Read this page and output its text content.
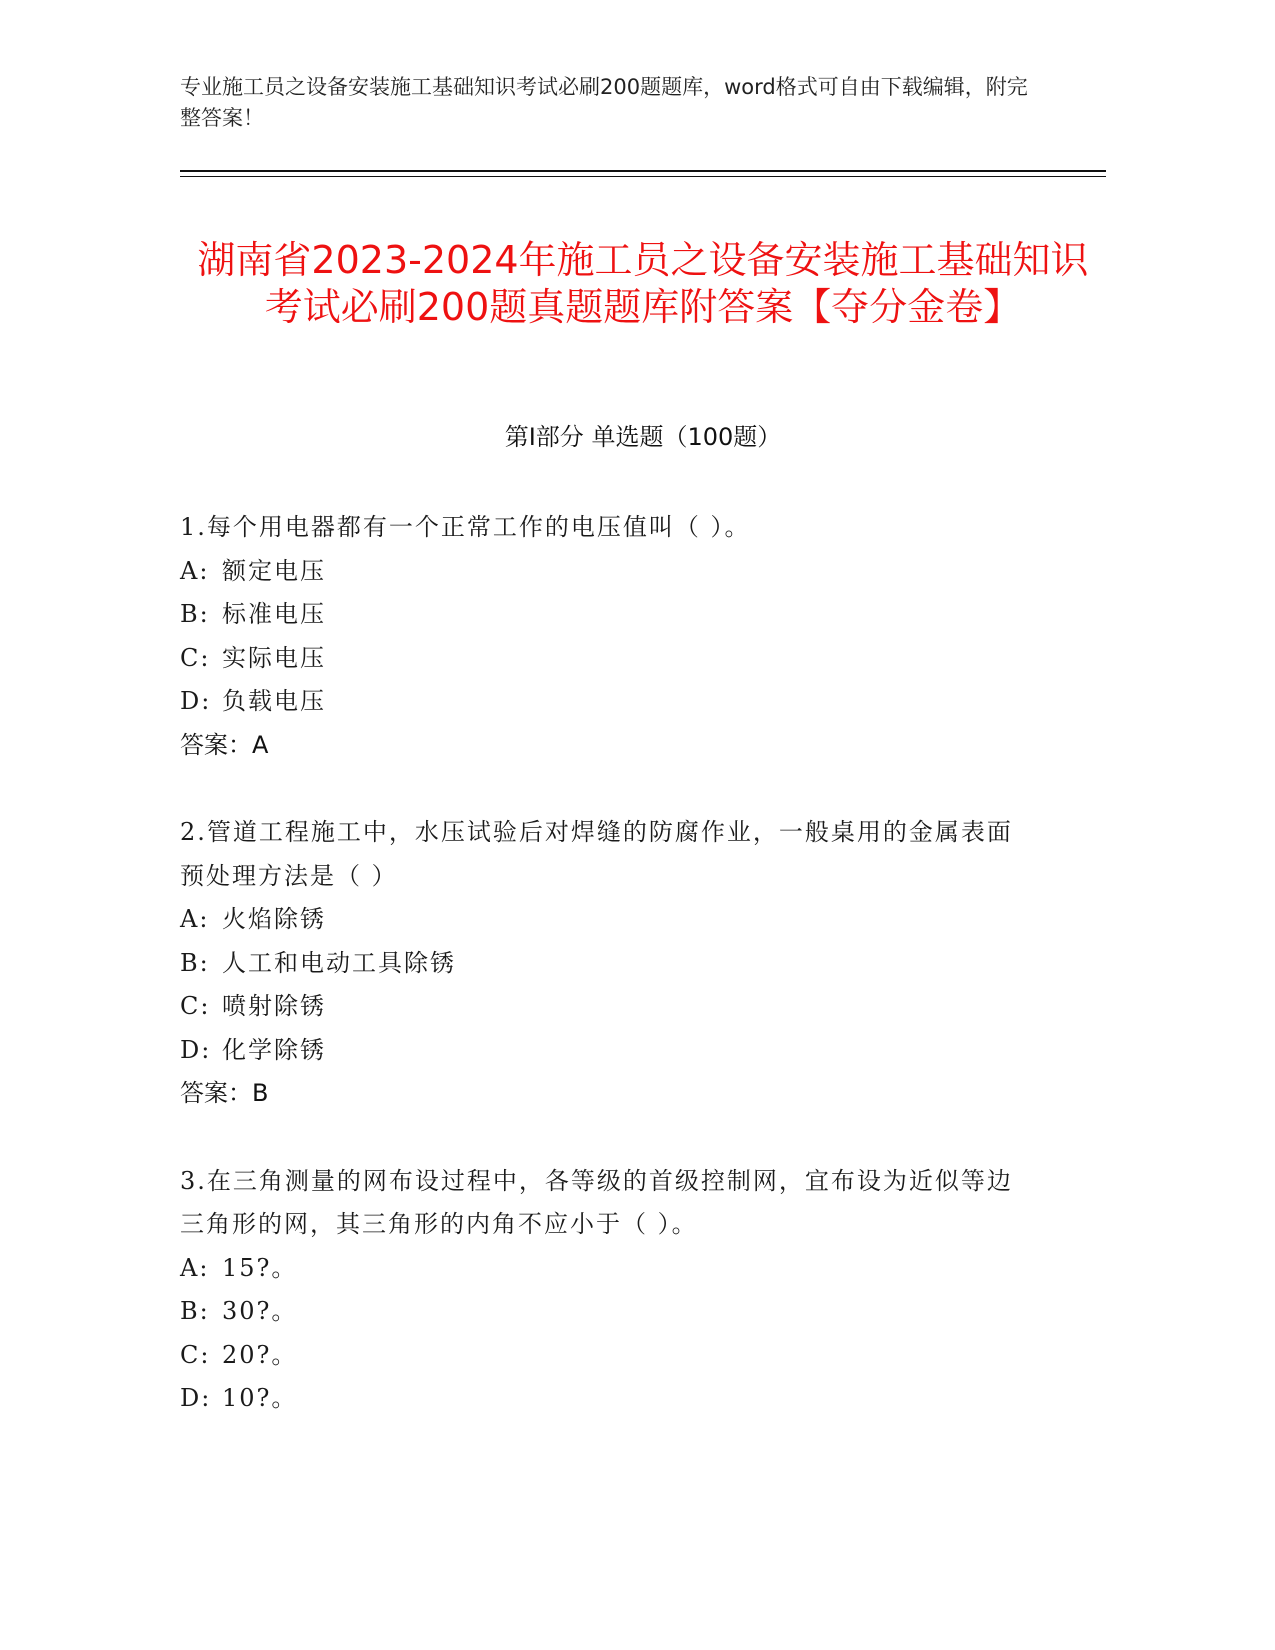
专业施工员之设备安装施工基础知识考试必刷200题题库，word格式可自由下载编辑，附完整答案！
湖南省2023-2024年施工员之设备安装施工基础知识考试必刷200题真题题库附答案【夺分金卷】
第I部分 单选题（100题）
1.每个用电器都有一个正常工作的电压值叫（ ）。
A: 额定电压
B: 标准电压
C: 实际电压
D: 负载电压
答案：A
2.管道工程施工中，水压试验后对焊缝的防腐作业，一般桌用的金属表面预处理方法是（ ）
A: 火焰除锈
B: 人工和电动工具除锈
C: 喷射除锈
D: 化学除锈
答案：B
3.在三角测量的网布设过程中，各等级的首级控制网，宜布设为近似等边三角形的网，其三角形的内角不应小于（ ）。
A: 15?。
B: 30?。
C: 20?。
D: 10?。
